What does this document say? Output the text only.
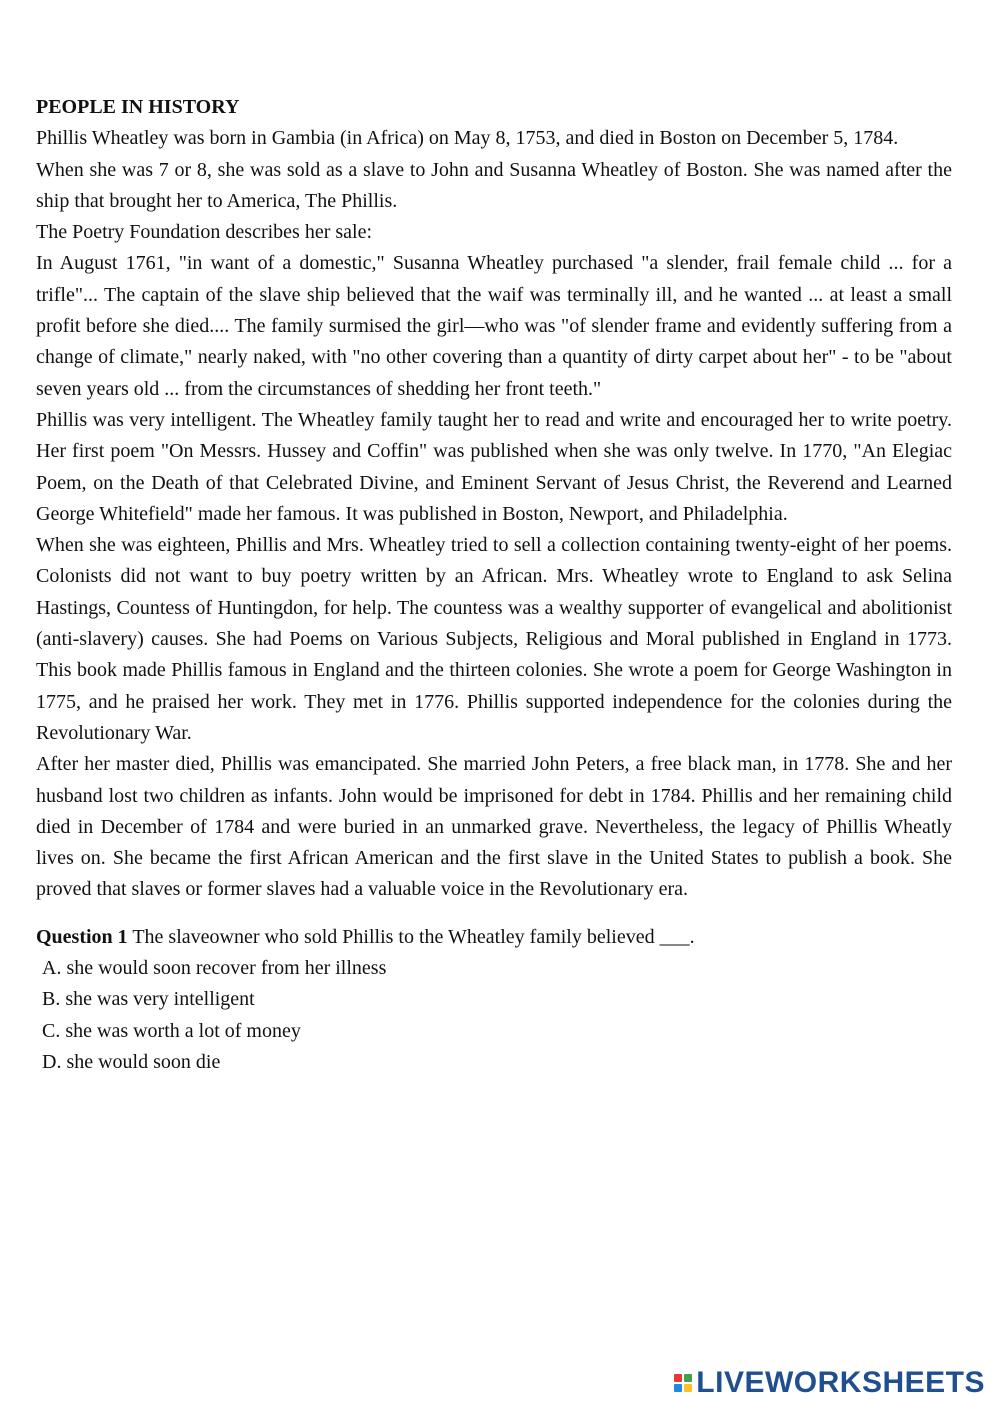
PEOPLE IN HISTORY

Phillis Wheatley was born in Gambia (in Africa) on May 8, 1753, and died in Boston on December 5, 1784.

When she was 7 or 8, she was sold as a slave to John and Susanna Wheatley of Boston. She was named after the ship that brought her to America, The Phillis.

The Poetry Foundation describes her sale:

In August 1761, "in want of a domestic," Susanna Wheatley purchased "a slender, frail female child ... for a trifle"... The captain of the slave ship believed that the waif was terminally ill, and he wanted ... at least a small profit before she died.... The family surmised the girl—who was "of slender frame and evidently suffering from a change of climate," nearly naked, with "no other covering than a quantity of dirty carpet about her" - to be "about seven years old ... from the circumstances of shedding her front teeth."

Phillis was very intelligent. The Wheatley family taught her to read and write and encouraged her to write poetry. Her first poem "On Messrs. Hussey and Coffin" was published when she was only twelve. In 1770, "An Elegiac Poem, on the Death of that Celebrated Divine, and Eminent Servant of Jesus Christ, the Reverend and Learned George Whitefield" made her famous. It was published in Boston, Newport, and Philadelphia.

When she was eighteen, Phillis and Mrs. Wheatley tried to sell a collection containing twenty-eight of her poems. Colonists did not want to buy poetry written by an African. Mrs. Wheatley wrote to England to ask Selina Hastings, Countess of Huntingdon, for help. The countess was a wealthy supporter of evangelical and abolitionist (anti-slavery) causes. She had Poems on Various Subjects, Religious and Moral published in England in 1773. This book made Phillis famous in England and the thirteen colonies. She wrote a poem for George Washington in 1775, and he praised her work. They met in 1776. Phillis supported independence for the colonies during the Revolutionary War.

After her master died, Phillis was emancipated. She married John Peters, a free black man, in 1778. She and her husband lost two children as infants. John would be imprisoned for debt in 1784. Phillis and her remaining child died in December of 1784 and were buried in an unmarked grave. Nevertheless, the legacy of Phillis Wheatly lives on. She became the first African American and the first slave in the United States to publish a book. She proved that slaves or former slaves had a valuable voice in the Revolutionary era.

Question 1 The slaveowner who sold Phillis to the Wheatley family believed ___.

A. she would soon recover from her illness

B. she was very intelligent

C. she was worth a lot of money

D. she would soon die

LIVEWORKSHEETS
